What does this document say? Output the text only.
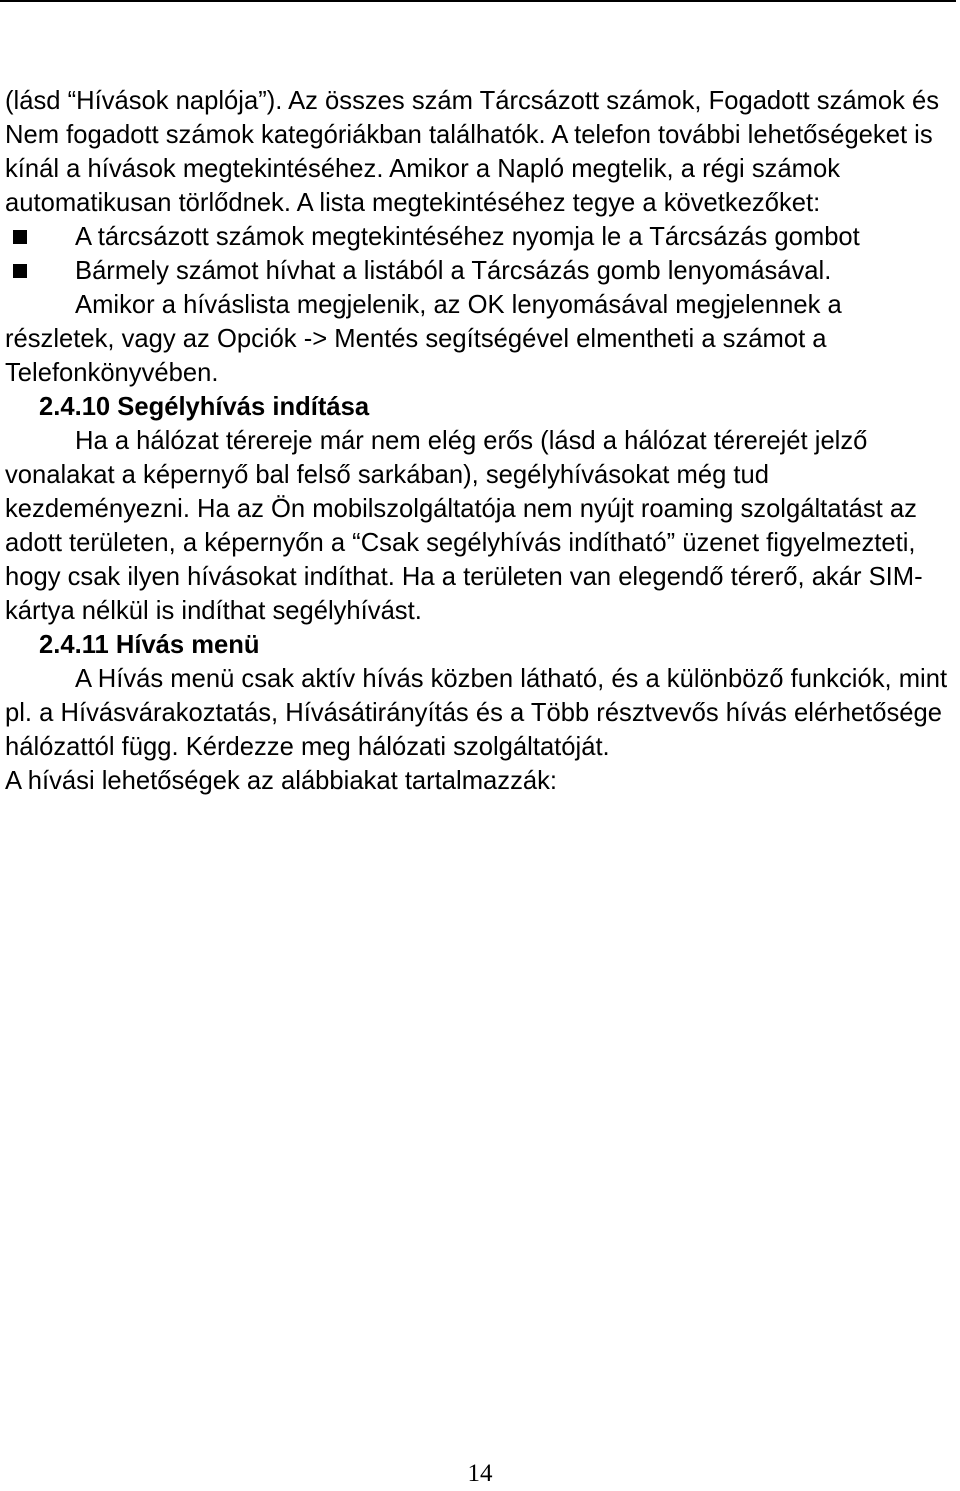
(lásd “Hívások naplója”). Az összes szám Tárcsázott számok, Fogadott számok és Nem fogadott számok kategóriákban találhatók. A telefon további lehetőségeket is kínál a hívások megtekintéséhez. Amikor a Napló megtelik, a régi számok automatikusan törlődnek. A lista megtekintéséhez tegye a következőket:

A tárcsázott számok megtekintéséhez nyomja le a Tárcsázás gombot

Bármely számot hívhat a listából a Tárcsázás gomb lenyomásával.

Amikor a híváslista megjelenik, az OK lenyomásával megjelennek a részletek, vagy az Opciók -> Mentés segítségével elmentheti a számot a Telefonkönyvében.

2.4.10 Segélyhívás indítása

Ha a hálózat térereje már nem elég erős (lásd a hálózat térerejét jelző vonalakat a képernyő bal felső sarkában), segélyhívásokat még tud kezdeményezni. Ha az Ön mobilszolgáltatója nem nyújt roaming szolgáltatást az adott területen, a képernyőn a “Csak segélyhívás indítható” üzenet figyelmezteti, hogy csak ilyen hívásokat indíthat. Ha a területen van elegendő térerő, akár SIM-kártya nélkül is indíthat segélyhívást.

2.4.11 Hívás menü

A Hívás menü csak aktív hívás közben látható, és a különböző funkciók, mint pl. a Hívásvárakoztatás, Hívásátirányítás és a Több résztvevős hívás elérhetősége hálózattól függ. Kérdezze meg hálózati szolgáltatóját.

A hívási lehetőségek az alábbiakat tartalmazzák:

14
